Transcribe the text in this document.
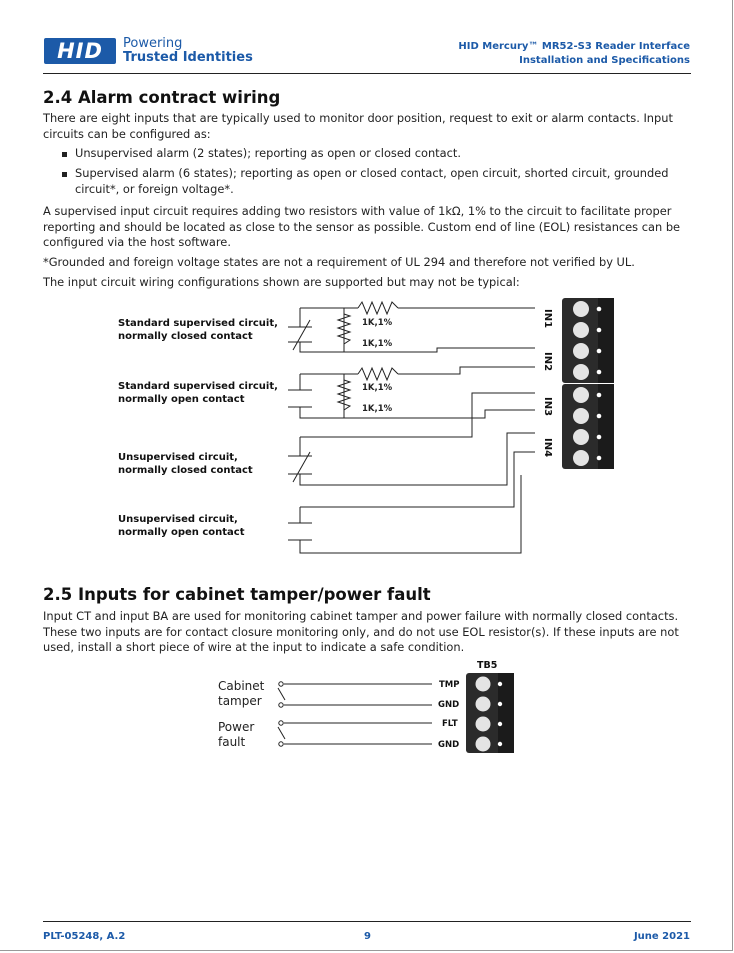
HID	Powering
Trusted Identities
HID Mercury™ MR52-S3 Reader Interface
Installation and Specifications
2.4 Alarm contract wiring

There are eight inputs that are typically used to monitor door position, request to exit or alarm contacts. Input circuits can be configured as:

Unsupervised alarm (2 states); reporting as open or closed contact.
Supervised alarm (6 states); reporting as open or closed contact, open circuit, shorted circuit, grounded circuit*, or foreign voltage*.

A supervised input circuit requires adding two resistors with value of 1kΩ, 1% to the circuit to facilitate proper reporting and should be located as close to the sensor as possible. Custom end of line (EOL) resistances can be configured via the host software.

*Grounded and foreign voltage states are not a requirement of UL 294 and therefore not verified by UL.

The input circuit wiring configurations shown are supported but may not be typical:

Standard supervised circuit,
normally closed contact
Standard supervised circuit,
normally open contact
Unsupervised circuit,
normally closed contact
Unsupervised circuit,
normally open contact
1K,1%
1K,1%
1K,1%
1K,1%
IN1
IN2
IN3
IN4
2.5 Inputs for cabinet tamper/power fault

Input CT and input BA are used for monitoring cabinet tamper and power failure with normally closed contacts. These two inputs are for contact closure monitoring only, and do not use EOL resistor(s). If these inputs are not used, install a short piece of wire at the input to indicate a safe condition.

Cabinet
tamper
Power
fault
TB5
TMP
GND
FLT
GND
PLT-05248, A.2	9	June 2021
